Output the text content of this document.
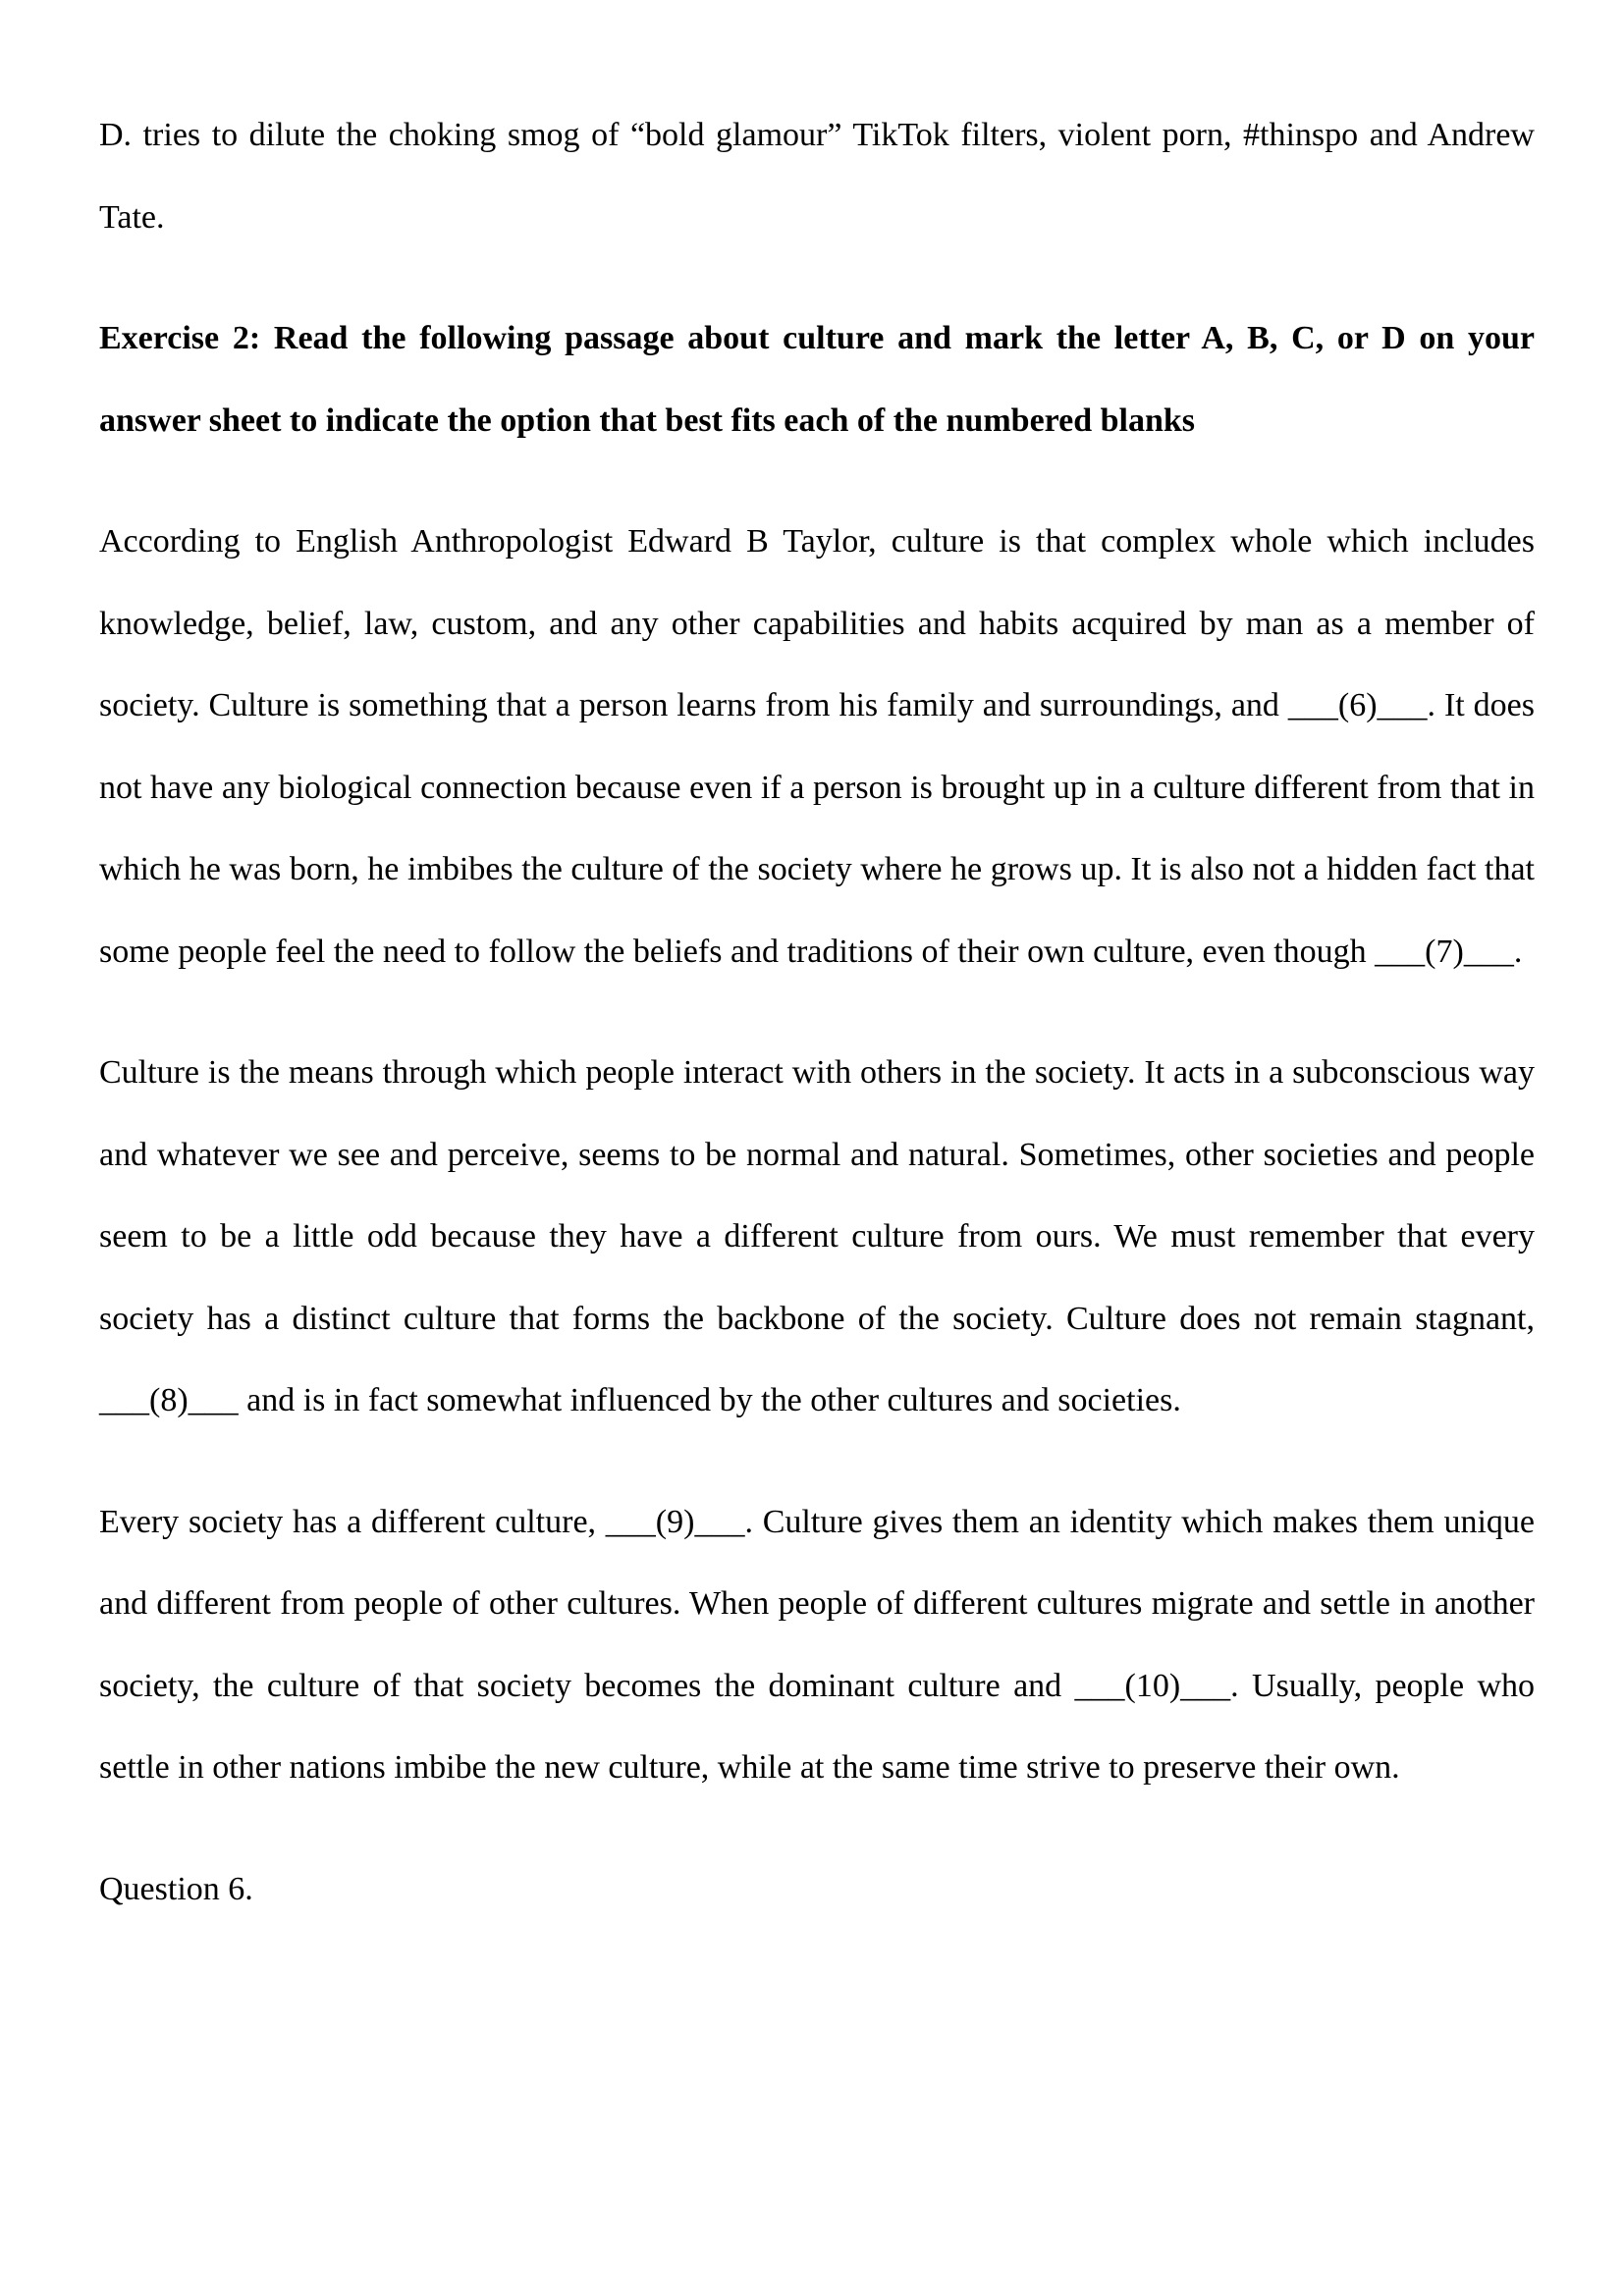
D. tries to dilute the choking smog of “bold glamour” TikTok filters, violent porn, #thinspo and Andrew Tate.

Exercise 2: Read the following passage about culture and mark the letter A, B, C, or D on your answer sheet to indicate the option that best fits each of the numbered blanks

According to English Anthropologist Edward B Taylor, culture is that complex whole which includes knowledge, belief, law, custom, and any other capabilities and habits acquired by man as a member of society. Culture is something that a person learns from his family and surroundings, and ___(6)___. It does not have any biological connection because even if a person is brought up in a culture different from that in which he was born, he imbibes the culture of the society where he grows up. It is also not a hidden fact that some people feel the need to follow the beliefs and traditions of their own culture, even though ___(7)___.

Culture is the means through which people interact with others in the society. It acts in a subconscious way and whatever we see and perceive, seems to be normal and natural. Sometimes, other societies and people seem to be a little odd because they have a different culture from ours. We must remember that every society has a distinct culture that forms the backbone of the society. Culture does not remain stagnant, ___(8)___ and is in fact somewhat influenced by the other cultures and societies.

Every society has a different culture, ___(9)___. Culture gives them an identity which makes them unique and different from people of other cultures. When people of different cultures migrate and settle in another society, the culture of that society becomes the dominant culture and ___(10)___. Usually, people who settle in other nations imbibe the new culture, while at the same time strive to preserve their own.

Question 6.
